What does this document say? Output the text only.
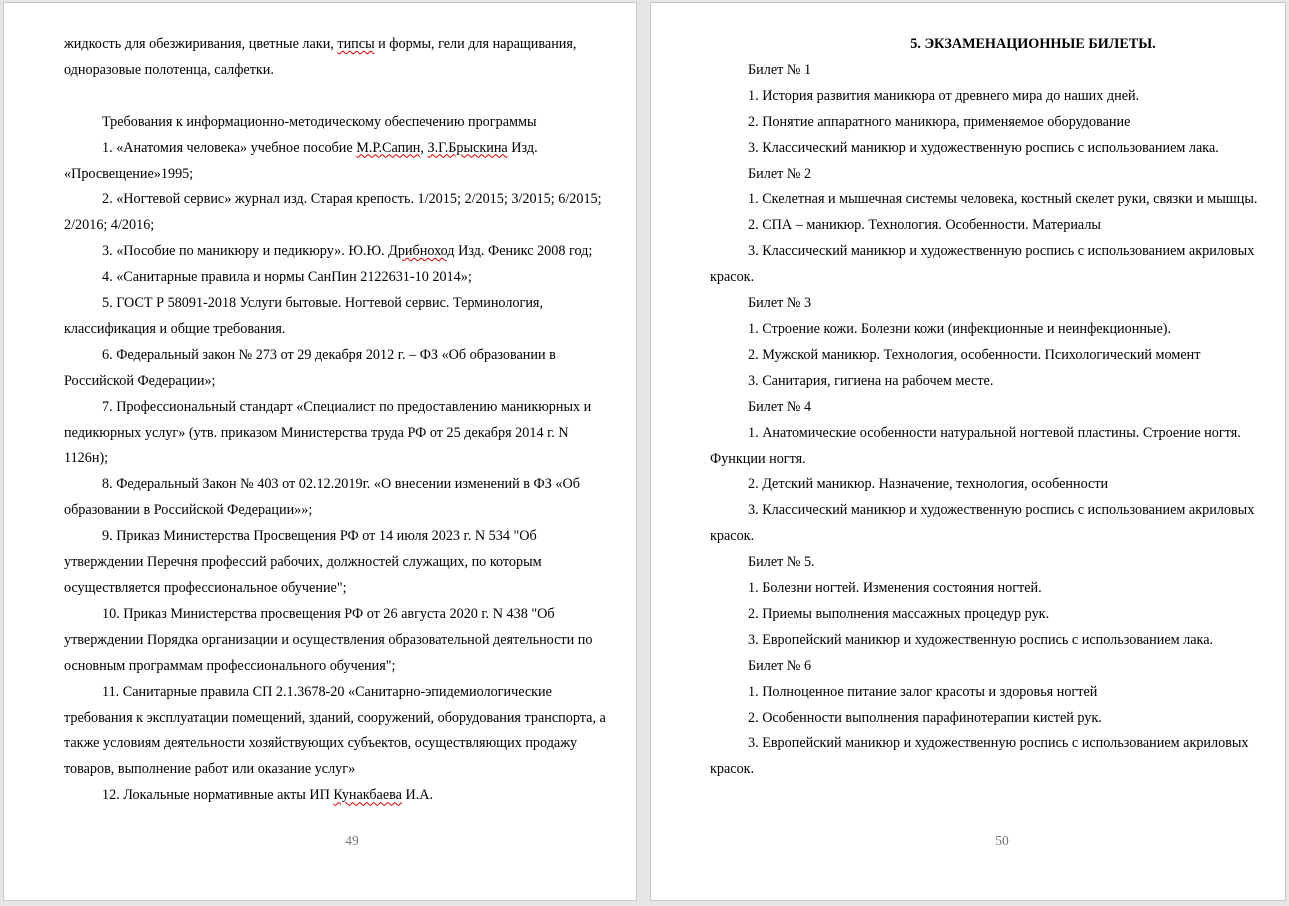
жидкость для обезжиривания, цветные лаки, типсы и формы, гели для наращивания, одноразовые полотенца, салфетки.

Требования к информационно-методическому обеспечению программы

1. «Анатомия человека» учебное пособие М.Р.Сапин, З.Г.Брыскина Изд. «Просвещение»1995;

2. «Ногтевой сервис» журнал изд. Старая крепость. 1/2015; 2/2015; 3/2015; 6/2015; 2/2016; 4/2016;

3. «Пособие по маникюру и педикюру». Ю.Ю. Дрибноход Изд. Феникс 2008 год;

4. «Санитарные правила и нормы СанПин 2122631-10 2014»;

5. ГОСТ Р 58091-2018 Услуги бытовые. Ногтевой сервис. Терминология, классификация и общие требования.

6. Федеральный закон № 273 от 29 декабря 2012 г. – ФЗ «Об образовании в Российской Федерации»;

7. Профессиональный стандарт «Специалист по предоставлению маникюрных и педикюрных услуг» (утв. приказом Министерства труда РФ от 25 декабря 2014 г. N 1126н);

8. Федеральный Закон № 403 от 02.12.2019г. «О внесении изменений в ФЗ «Об образовании в Российской Федерации»»;

9. Приказ Министерства Просвещения РФ от 14 июля 2023 г. N 534 "Об утверждении Перечня профессий рабочих, должностей служащих, по которым осуществляется профессиональное обучение";

10. Приказ Министерства просвещения РФ от 26 августа 2020 г. N 438 "Об утверждении Порядка организации и осуществления образовательной деятельности по основным программам профессионального обучения";

11. Санитарные правила СП 2.1.3678-20 «Санитарно-эпидемиологические требования к эксплуатации помещений, зданий, сооружений, оборудования транспорта, а также условиям деятельности хозяйствующих субъектов, осуществляющих продажу товаров, выполнение работ или оказание услуг»

12. Локальные нормативные акты ИП Кунакбаева И.А.

49

5. ЭКЗАМЕНАЦИОННЫЕ БИЛЕТЫ.

Билет № 1

1. История развития маникюра от древнего мира до наших дней.

2. Понятие аппаратного маникюра, применяемое оборудование

3. Классический маникюр и художественную роспись с использованием лака.

Билет № 2

1. Скелетная и мышечная системы человека, костный скелет руки, связки и мышцы.

2. СПА – маникюр. Технология. Особенности. Материалы

3. Классический маникюр и художественную роспись с использованием акриловых красок.

Билет № 3

1. Строение кожи. Болезни кожи (инфекционные и неинфекционные).

2. Мужской маникюр. Технология, особенности. Психологический момент

3. Санитария, гигиена на рабочем месте.

Билет № 4

1. Анатомические особенности натуральной ногтевой пластины. Строение ногтя. Функции ногтя.

2. Детский маникюр. Назначение, технология, особенности

3. Классический маникюр и художественную роспись с использованием акриловых красок.

Билет № 5.

1. Болезни ногтей. Изменения состояния ногтей.

2. Приемы выполнения массажных процедур рук.

3. Европейский маникюр и художественную роспись с использованием лака.

Билет № 6

1. Полноценное питание залог красоты и здоровья ногтей

2. Особенности выполнения парафинотерапии кистей рук.

3. Европейский маникюр и художественную роспись с использованием акриловых красок.

50
